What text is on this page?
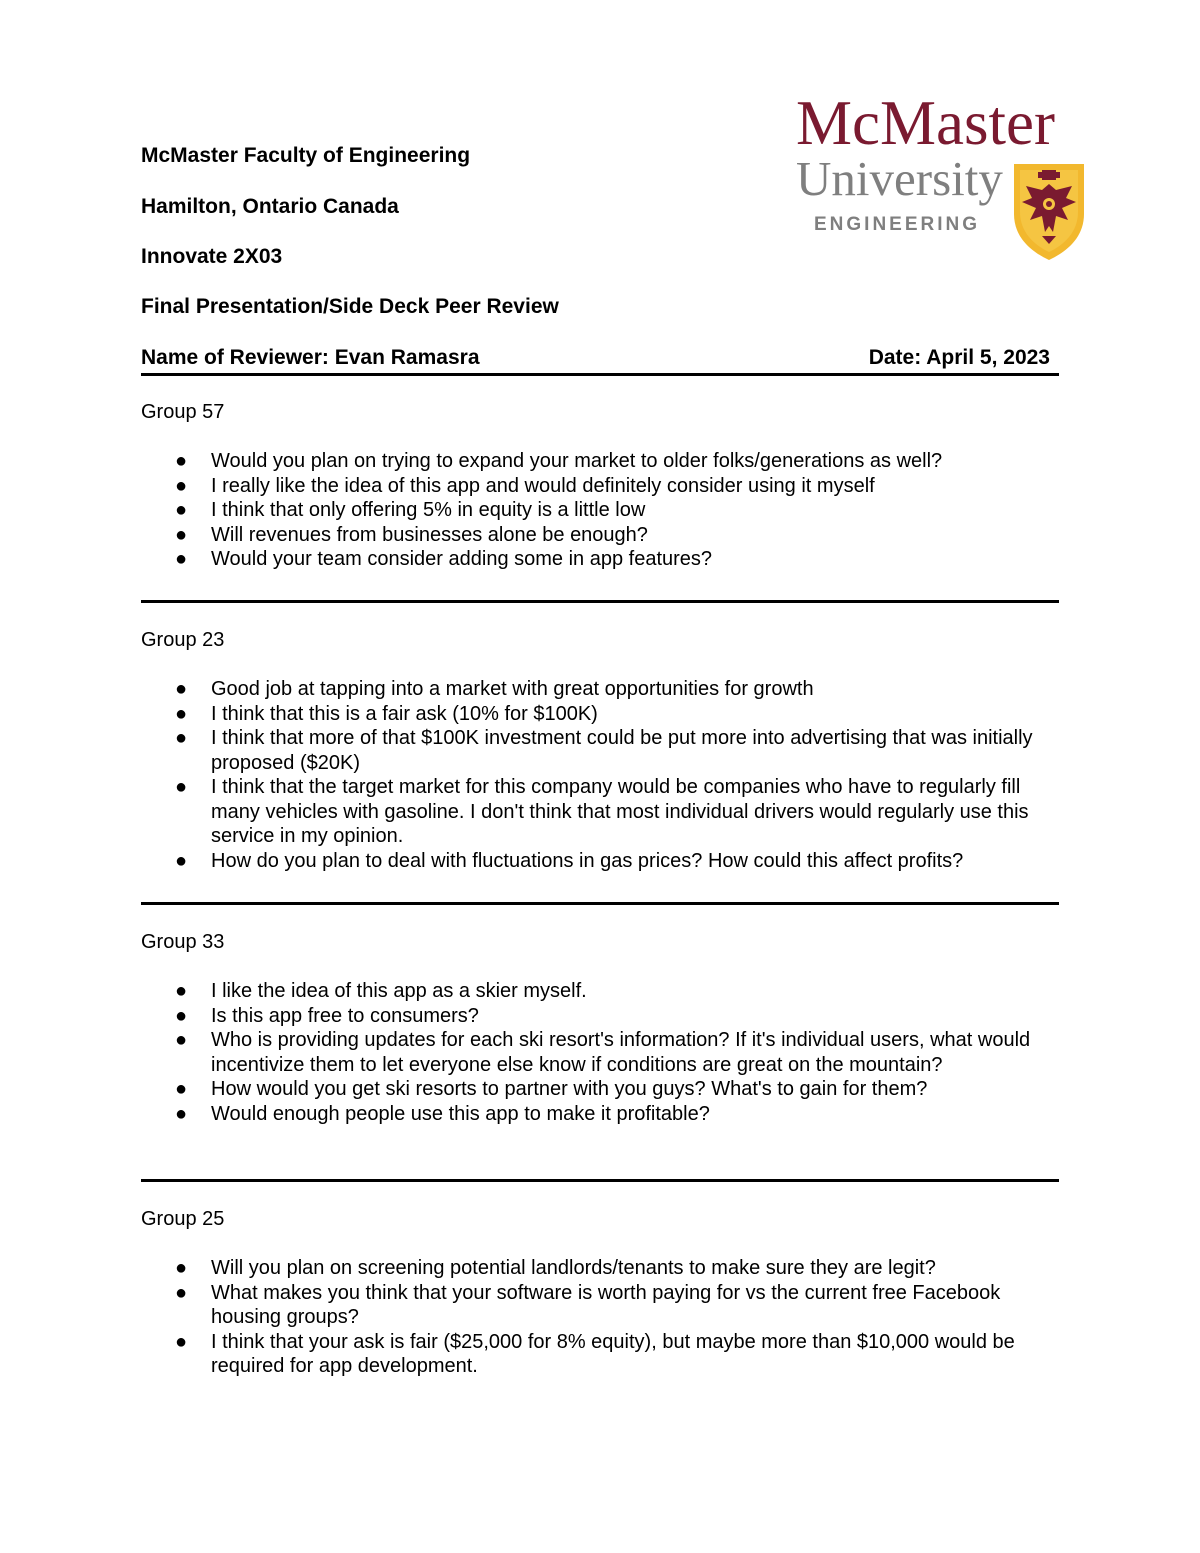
McMaster
University
ENGINEERING
McMaster Faculty of Engineering
Hamilton, Ontario Canada
Innovate 2X03
Final Presentation/Side Deck Peer Review
Name of Reviewer: Evan Ramasra	Date: April 5, 2023
Group 57
● Would you plan on trying to expand your market to older folks/generations as well?
● I really like the idea of this app and would definitely consider using it myself
● I think that only offering 5% in equity is a little low
● Will revenues from businesses alone be enough?
● Would your team consider adding some in app features?
Group 23
● Good job at tapping into a market with great opportunities for growth
● I think that this is a fair ask (10% for $100K)
● I think that more of that $100K investment could be put more into advertising that was initially proposed ($20K)
● I think that the target market for this company would be companies who have to regularly fill many vehicles with gasoline. I don't think that most individual drivers would regularly use this service in my opinion.
● How do you plan to deal with fluctuations in gas prices? How could this affect profits?
Group 33
● I like the idea of this app as a skier myself.
● Is this app free to consumers?
● Who is providing updates for each ski resort's information? If it's individual users, what would incentivize them to let everyone else know if conditions are great on the mountain?
● How would you get ski resorts to partner with you guys? What's to gain for them?
● Would enough people use this app to make it profitable?
Group 25
● Will you plan on screening potential landlords/tenants to make sure they are legit?
● What makes you think that your software is worth paying for vs the current free Facebook housing groups?
● I think that your ask is fair ($25,000 for 8% equity), but maybe more than $10,000 would be required for app development.
